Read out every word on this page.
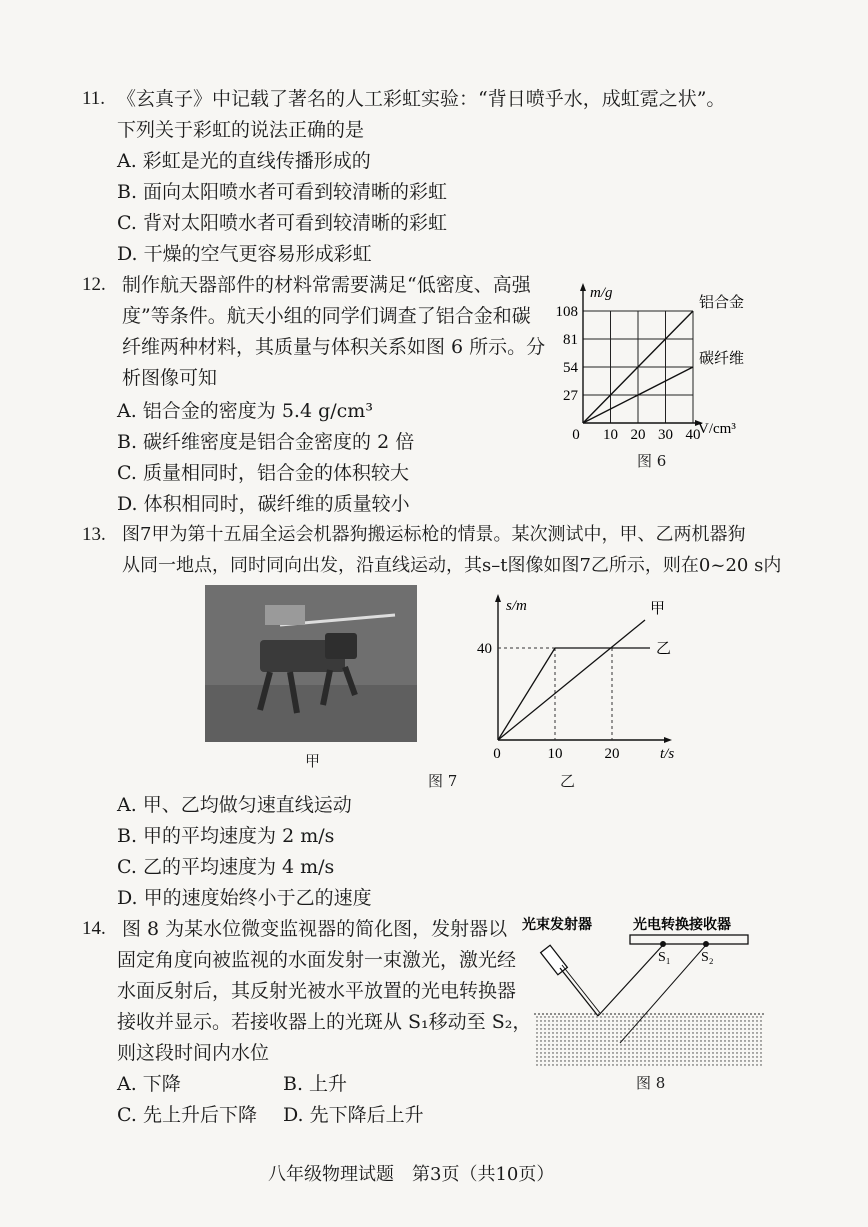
11. 《玄真子》中记载了著名的人工彩虹实验：“背日喷乎水，成虹霓之状”。
下列关于彩虹的说法正确的是
A. 彩虹是光的直线传播形成的
B. 面向太阳喷水者可看到较清晰的彩虹
C. 背对太阳喷水者可看到较清晰的彩虹
D. 干燥的空气更容易形成彩虹
12. 制作航天器部件的材料常需要满足“低密度、高强
度”等条件。航天小组的同学们调查了铝合金和碳
纤维两种材料，其质量与体积关系如图 6 所示。分
析图像可知
A. 铝合金的密度为 5.4 g/cm³
B. 碳纤维密度是铝合金密度的 2 倍
C. 质量相同时，铝合金的体积较大
D. 体积相同时，碳纤维的质量较小
m/g
V/cm³
0 10 20 30 40
27
54
81
108
铝合金
碳纤维
图 6
13. 图7甲为第十五届全运会机器狗搬运标枪的情景。某次测试中，甲、乙两机器狗
从同一地点，同时同向出发，沿直线运动，其s–t图像如图7乙所示，则在0~20 s内
甲
图 7	乙
s/m
t/s
0	10	20
40
甲
乙
A. 甲、乙均做匀速直线运动
B. 甲的平均速度为 2 m/s
C. 乙的平均速度为 4 m/s
D. 甲的速度始终小于乙的速度
14. 图 8 为某水位微变监视器的简化图，发射器以
固定角度向被监视的水面发射一束激光，激光经
水面反射后，其反射光被水平放置的光电转换器
接收并显示。若接收器上的光斑从 S₁移动至 S₂，
则这段时间内水位
A. 下降	B. 上升
C. 先上升后下降 D. 先下降后上升
光束发射器	光电转换接收器
S₁ S₂
图 8
八年级物理试题　第3页（共10页）
